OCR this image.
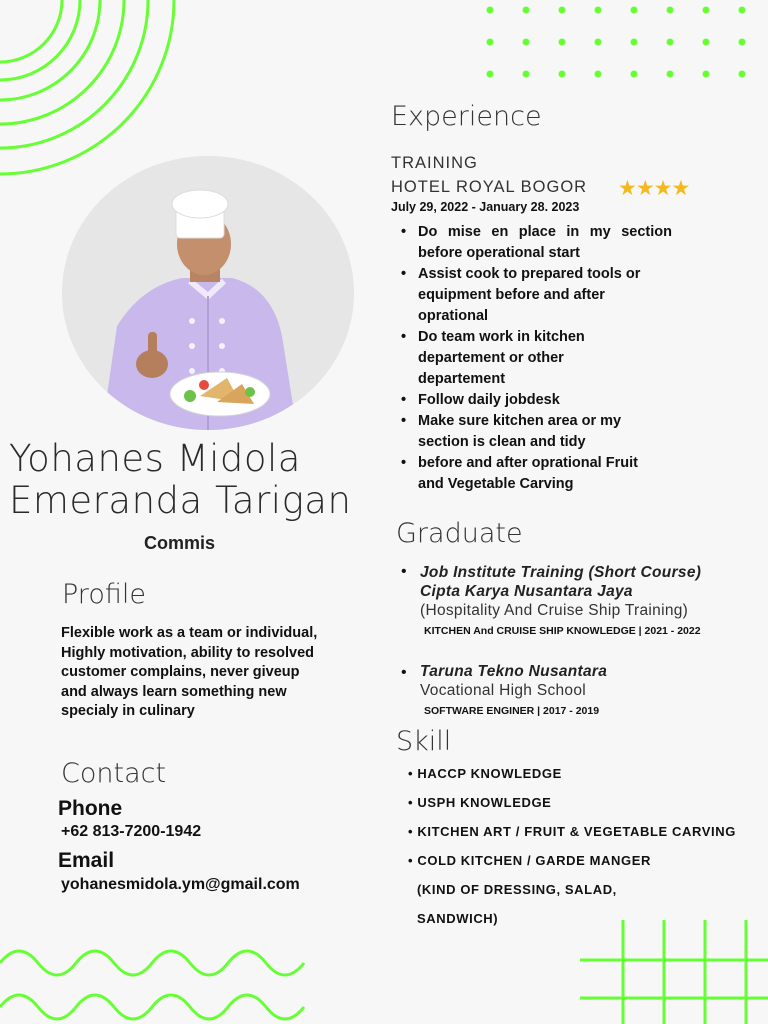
Yohanes Midola
Emeranda Tarigan
Commis
Profile
Flexible work as a team or individual, Highly motivation, ability to resolved customer complains, never giveup and always learn something new specialy in culinary
Contact
Phone
+62 813-7200-1942
Email
yohanesmidola.ym@gmail.com
Experience
TRAINING
HOTEL ROYAL BOGOR ★★★★
July 29, 2022 - January 28. 2023
• Do mise en place in my section before operational start
• Assist cook to prepared tools or equipment before and after oprational
• Do team work in kitchen departement or other departement
• Follow daily jobdesk
• Make sure kitchen area or my section is clean and tidy
• before and after oprational Fruit and Vegetable Carving
Graduate
• Job Institute Training (Short Course)
Cipta Karya Nusantara Jaya
(Hospitality And Cruise Ship Training)
KITCHEN And CRUISE SHIP KNOWLEDGE | 2021 - 2022
• Taruna Tekno Nusantara
Vocational High School
SOFTWARE ENGINER | 2017 - 2019
Skill
• HACCP KNOWLEDGE
• USPH KNOWLEDGE
• KITCHEN ART / FRUIT & VEGETABLE CARVING
• COLD KITCHEN / GARDE MANGER
(KIND OF DRESSING, SALAD,
SANDWICH)
